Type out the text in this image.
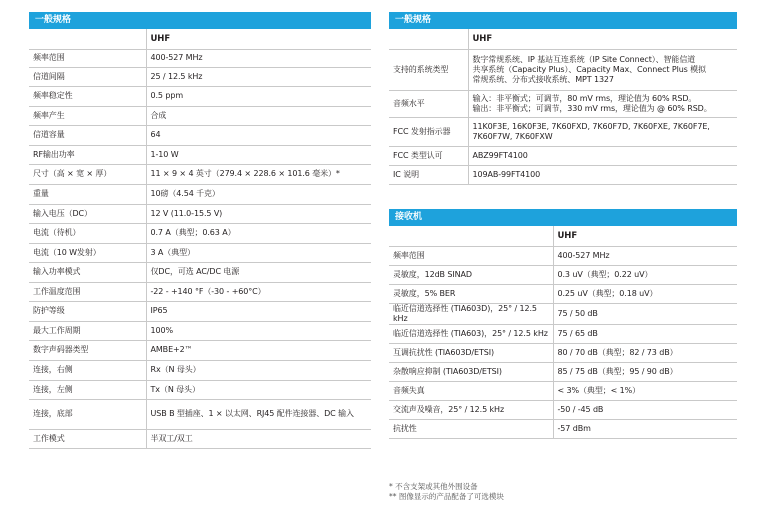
一般规格
	UHF
频率范围	400-527 MHz
信道间隔	25 / 12.5 kHz
频率稳定性	0.5 ppm
频率产生	合成
信道容量	64
RF输出功率	1-10 W
尺寸（高 × 宽 × 厚）	11 × 9 × 4 英寸（279.4 × 228.6 × 101.6 毫米）*
重量	10磅（4.54 千克）
输入电压（DC）	12 V (11.0-15.5 V)
电流（待机）	0.7 A（典型；0.63 A）
电流（10 W发射）	3 A（典型）
输入功率模式	仅DC，可选 AC/DC 电源
工作温度范围	-22 - +140 °F（-30 - +60°C）
防护等级	IP65
最大工作周期	100%
数字声码器类型	AMBE+2™
连接，右侧	Rx（N 母头）
连接，左侧	Tx（N 母头）
连接，底部	USB B 型插座、1 × 以太网、RJ45 配件连接器、DC 输入
工作模式	半双工/双工
一般规格
	UHF
支持的系统类型	数字常规系统、IP 基站互连系统（IP Site Connect）、智能信道
共享系统（Capacity Plus）、Capacity Max、Connect Plus 模拟
常规系统、分布式接收系统、MPT 1327

音频水平	输入：非平衡式；可调节，80 mV rms，理论值为 60% RSD。
输出：非平衡式；可调节，330 mV rms，理论值为 @ 60% RSD。

FCC 发射指示器	11K0F3E, 16K0F3E, 7K60FXD, 7K60F7D, 7K60FXE, 7K60F7E,
7K60F7W, 7K60FXW

FCC 类型认可	ABZ99FT4100

IC 说明	109AB-99FT4100
接收机
	UHF
频率范围	400-527 MHz
灵敏度，12dB SINAD	0.3 uV（典型；0.22 uV）
灵敏度，5% BER	0.25 uV（典型；0.18 uV）
临近信道选择性 (TIA603D)，25° / 12.5 kHz	75 / 50 dB
临近信道选择性 (TIA603)，25° / 12.5 kHz	75 / 65 dB
互调抗扰性 (TIA603D/ETSI)	80 / 70 dB（典型；82 / 73 dB）
杂散响应抑制 (TIA603D/ETSI)	85 / 75 dB（典型；95 / 90 dB）
音频失真	< 3%（典型；< 1%）
交流声及噪音，25° / 12.5 kHz	-50 / -45 dB
抗扰性	-57 dBm
* 不含支架或其他外围设备
** 图像显示的产品配备了可选模块
